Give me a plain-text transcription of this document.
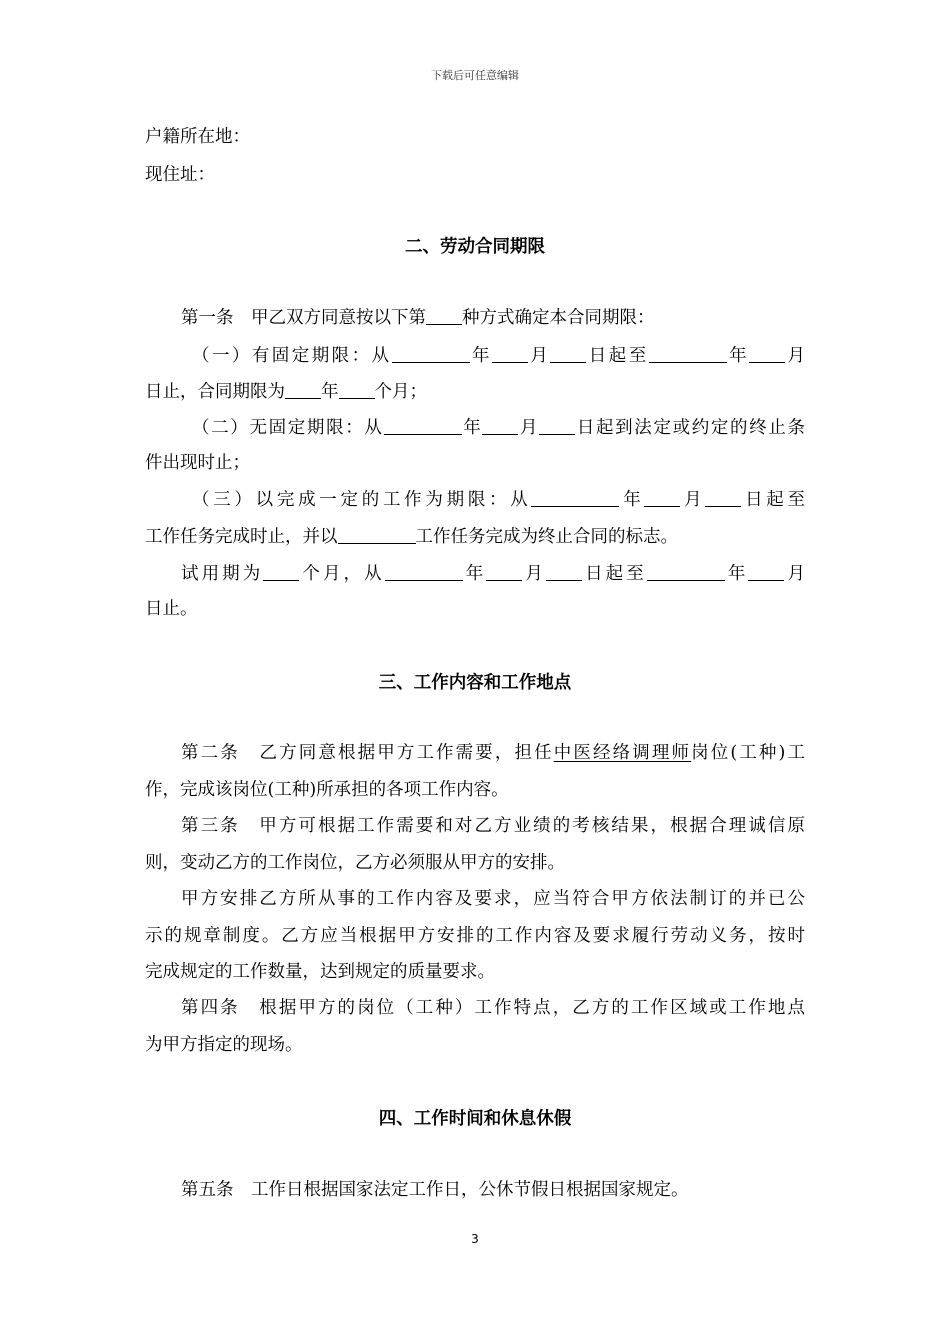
下载后可任意编辑
户籍所在地：
现住址：
二、劳动合同期限
第一条　甲乙双方同意按以下第 种方式确定本合同期限：
（一）有固定期限：从	年 月 日起至	年 月
日止，合同期限为 年 个月；
（二）无固定期限：从	年 月 日起到法定或约定的终止条
件出现时止；
（三）以完成一定的工作为期限：从	年 月 日起至
工作任务完成时止，并以	工作任务完成为终止合同的标志。
试用期为 个月，从	年 月 日起至	年 月
日止。
三、工作内容和工作地点
第二条　乙方同意根据甲方工作需要，担任中医经络调理师岗位(工种)工
作，完成该岗位(工种)所承担的各项工作内容。
第三条　甲方可根据工作需要和对乙方业绩的考核结果，根据合理诚信原
则，变动乙方的工作岗位，乙方必须服从甲方的安排。
甲方安排乙方所从事的工作内容及要求，应当符合甲方依法制订的并已公
示的规章制度。乙方应当根据甲方安排的工作内容及要求履行劳动义务，按时
完成规定的工作数量，达到规定的质量要求。
第四条　根据甲方的岗位（工种）工作特点，乙方的工作区域或工作地点
为甲方指定的现场。
四、工作时间和休息休假
第五条　工作日根据国家法定工作日，公休节假日根据国家规定。
3
